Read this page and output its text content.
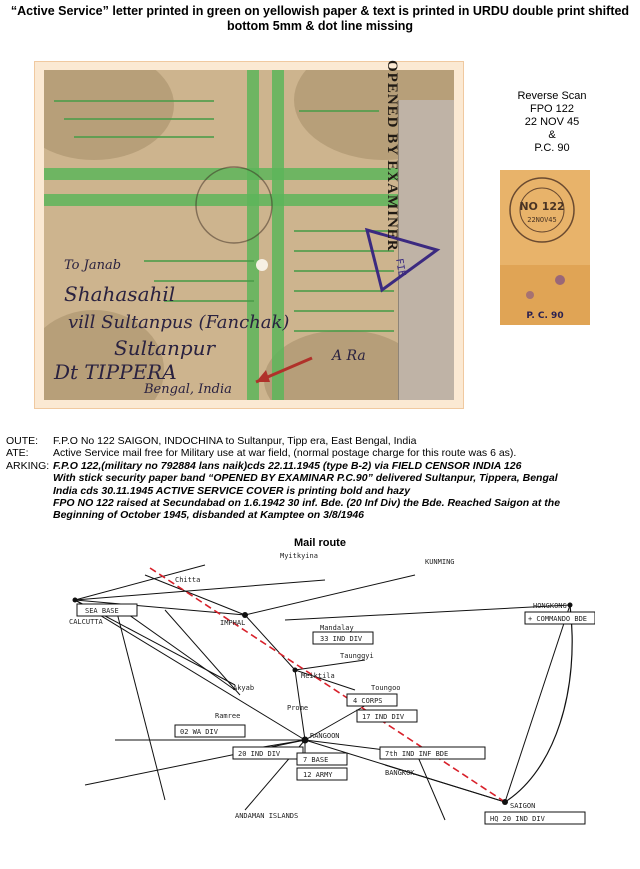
“Active Service” letter printed in green on yellowish paper & text is printed in URDU double print shifted
bottom 5mm & dot line missing
FIE
To Janab
Shahasahil
vill Sultanpus (Fanchak)
Sultanpur
Dt TIPPERA
Bengal, India
A Ra
OPENED BY EXAMINER	Reverse Scan
FPO 122
22 NOV 45
&
P.C. 90
NO 122
22NOV45
P. C. 90
OUTE:	F.P.O No 122 SAIGON, INDOCHINA to Sultanpur, Tipp era, East Bengal, India
ATE:	Active Service mail free for Military use at war field, (normal postage charge for this route was 6 as).
ARKING: F.P.O 122,(military no 792884 lans naik)cds 22.11.1945 (type B-2) via FIELD CENSOR INDIA 126
With stick security paper band “OPENED BY EXAMINAR P.C.90” delivered Sultanpur, Tippera, Bengal
India cds 30.11.1945 ACTIVE SERVICE COVER is printing bold and hazy
FPO NO 122 raised at Secundabad on 1.6.1942 30 inf. Bde. (20 Inf Div) the Bde. Reached Saigon at the
Beginning of October 1945, disbanded at Kamptee on 3/8/1946
Mail route
Myitkyina
KUNMING
Chitta
CALCUTTA
SEA BASE
IMPHAL
Mandalay
33 IND DIV
Meiktila
Taunggyi
Akyab
Ramree
Prome
Toungoo
4 CORPS
17 IND DIV
02 WA DIV	RANGOON
20 IND DIV
7 BASE
12 ARMY	BANGKOK
7th IND INF BDE
HONGKONG
+ COMMANDO BDE
SAIGON
HQ 20 IND DIV
ANDAMAN ISLANDS
